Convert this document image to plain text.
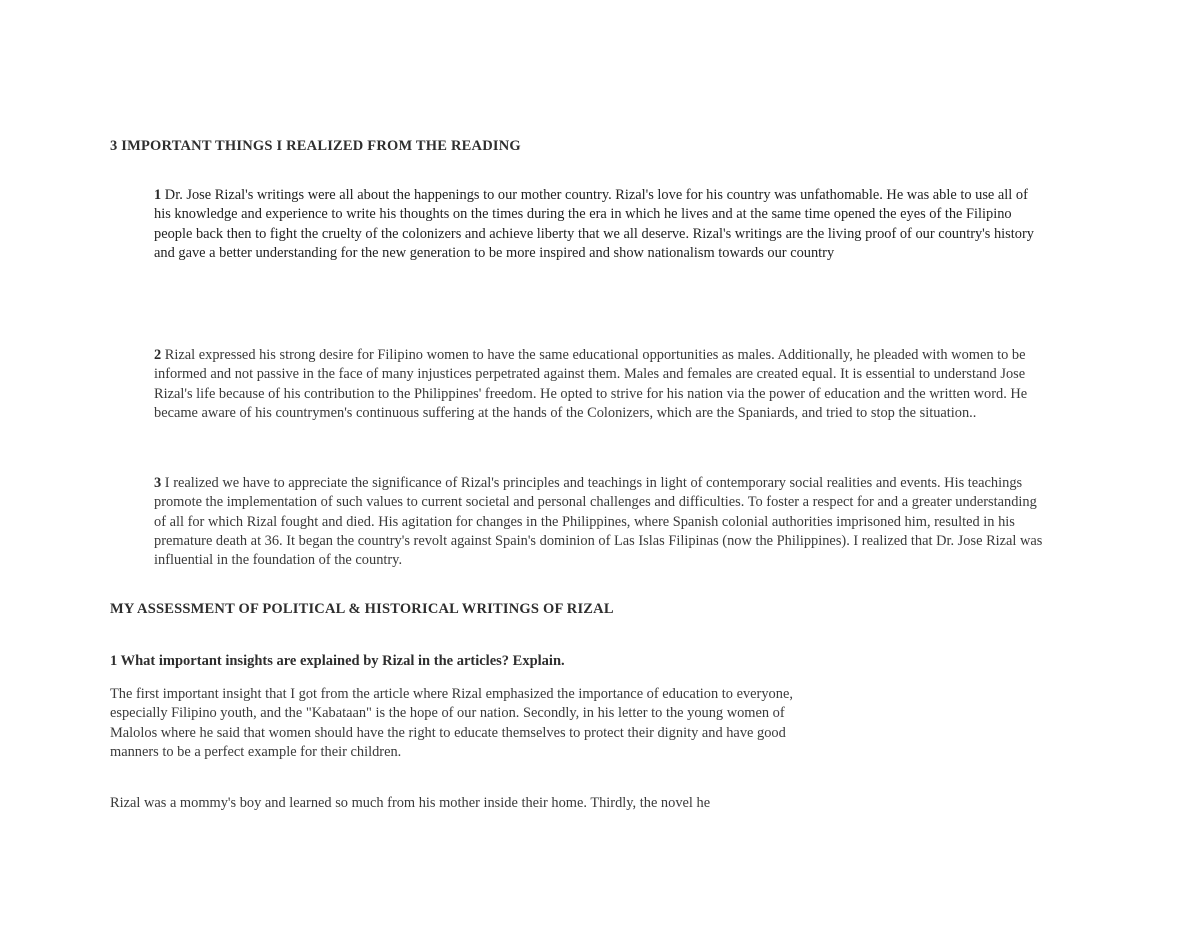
3 IMPORTANT THINGS I REALIZED FROM THE READING
1 Dr. Jose Rizal's writings were all about the happenings to our mother country. Rizal's love for his country was unfathomable. He was able to use all of his knowledge and experience to write his thoughts on the times during the era in which he lives and at the same time opened the eyes of the Filipino people back then to fight the cruelty of the colonizers and achieve liberty that we all deserve. Rizal's writings are the living proof of our country's history and gave a better understanding for the new generation to be more inspired and show nationalism towards our country
2 Rizal expressed his strong desire for Filipino women to have the same educational opportunities as males. Additionally, he pleaded with women to be informed and not passive in the face of many injustices perpetrated against them. Males and females are created equal. It is essential to understand Jose Rizal's life because of his contribution to the Philippines' freedom. He opted to strive for his nation via the power of education and the written word. He became aware of his countrymen's continuous suffering at the hands of the Colonizers, which are the Spaniards, and tried to stop the situation..
3 I realized we have to appreciate the significance of Rizal's principles and teachings in light of contemporary social realities and events. His teachings promote the implementation of such values to current societal and personal challenges and difficulties. To foster a respect for and a greater understanding of all for which Rizal fought and died. His agitation for changes in the Philippines, where Spanish colonial authorities imprisoned him, resulted in his premature death at 36. It began the country's revolt against Spain's dominion of Las Islas Filipinas (now the Philippines). I realized that Dr. Jose Rizal was influential in the foundation of the country.
MY ASSESSMENT OF POLITICAL & HISTORICAL WRITINGS OF RIZAL
1 What important insights are explained by Rizal in the articles? Explain.
The first important insight that I got from the article where Rizal emphasized the importance of education to everyone, especially Filipino youth, and the "Kabataan" is the hope of our nation. Secondly, in his letter to the young women of Malolos where he said that women should have the right to educate themselves to protect their dignity and have good manners to be a perfect example for their children.
Rizal was a mommy's boy and learned so much from his mother inside their home. Thirdly, the novel he
